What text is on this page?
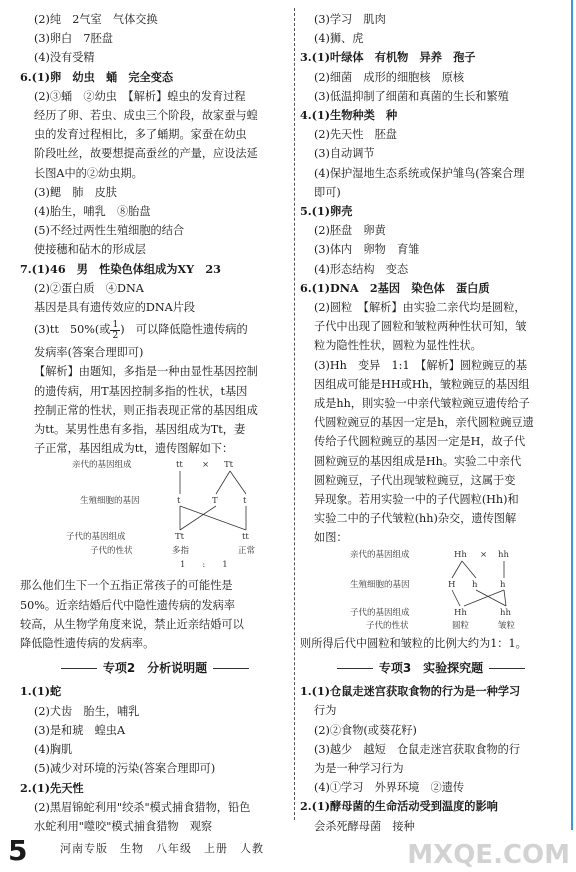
(2)纯　2气室　气体交换
(3)卵白　7胚盘
(4)没有受精
6.(1)卵　幼虫　蛹　完全变态
(2)③蛹　②幼虫　【解析】蝗虫的发育过程
经历了卵、若虫、成虫三个阶段，故家蚕与蝗
虫的发育过程相比，多了蛹期。家蚕在幼虫
阶段吐丝，故要想提高蚕丝的产量，应设法延
长图A中的②幼虫期。
(3)鳃　肺　皮肤
(4)胎生，哺乳　⑧胎盘
(5)不经过两性生殖细胞的结合
使接穗和砧木的形成层
7.(1)46　男　性染色体组成为XY　23
(2)②蛋白质　④DNA
基因是具有遗传效应的DNA片段
(3)tt　50%(或 $\frac{1}{2}$ )　可以降低隐性遗传病的
发病率(答案合理即可)
【解析】由题知，多指是一种由显性基因控制
的遗传病，用T基因控制多指的性状，t基因
控制正常的性状，则正指表现正常的基因组成
为tt。某男性患有多指，基因组成为Tt，妻
子正常，基因组成为tt，遗传图解如下：
亲代的基因组成	tt × Tt
生殖细胞的基因	t	T	t
子代的基因组成	Tt	tt
子代的性状	多指	正常
1　　:　　1
那么他们生下一个五指正常孩子的可能性是
50%。近亲结婚后代中隐性遗传病的发病率
较高，从生物学角度来说，禁止近亲结婚可以
降低隐性遗传病的发病率。
专项2　分析说明题
1.(1)蛇
(2)犬齿　胎生，哺乳
(3)是和琥　蝗虫A
(4)胸肌
(5)减少对环境的污染(答案合理即可)
2.(1)先天性
(2)黑眉锦蛇利用"绞杀"模式捕食猎物，铅色
水蛇利用"噬咬"模式捕食猎物　观察
(3)学习　肌肉
(4)狮、虎
3.(1)叶绿体　有机物　异养　孢子
(2)细菌　成形的细胞核　原核
(3)低温抑制了细菌和真菌的生长和繁殖
4.(1)生物种类　种
(2)先天性　胚盘
(3)自动调节
(4)保护湿地生态系统或保护雏鸟(答案合理
即可)
5.(1)卵壳
(2)胚盘　卵黄
(3)体内　卵物　育雏
(4)形态结构　变态
6.(1)DNA　2基因　染色体　蛋白质
(2)圆粒　【解析】由实验二亲代均是圆粒，
子代中出现了圆粒和皱粒两种性状可知，皱
粒为隐性性状，圆粒为显性性状。
(3)Hh　变异　1:1　【解析】圆粒豌豆的基
因组成可能是HH或Hh，皱粒豌豆的基因组
成是hh，則实验一中亲代皱粒豌豆遗传给子
代圆粒豌豆的基因一定是h，亲代圆粒豌豆遗
传给子代圆粒豌豆的基因一定是H，故子代
圆粒豌豆的基因组成是Hh。实验二中亲代
圆粒豌豆，子代出现皱粒豌豆，这属于变
异现象。若用实验一中的子代圆粒(Hh)和
实验二中的子代皱粒(hh)杂交，遗传图解
如图：
亲代的基因组成	Hh × hh
生殖细胞的基因	H h	h
子代的基因组成	Hh	hh
子代的性状	圆粒	皱粒
则所得后代中圆粒和皱粒的比例大约为1：1。
专项3　实验探究题
1.(1)仓鼠走迷宫获取食物的行为是一种学习
行为
(2)②食物(或葵花籽)
(3)越少　越短　仓鼠走迷宫获取食物的行
为是一种学习行为
(4)①学习　外界环境　②遗传
2.(1)酵母菌的生命活动受到温度的影响
会杀死酵母菌　接种
5	河南专版　生物　八年级　上册　人教	MXQE.COM
